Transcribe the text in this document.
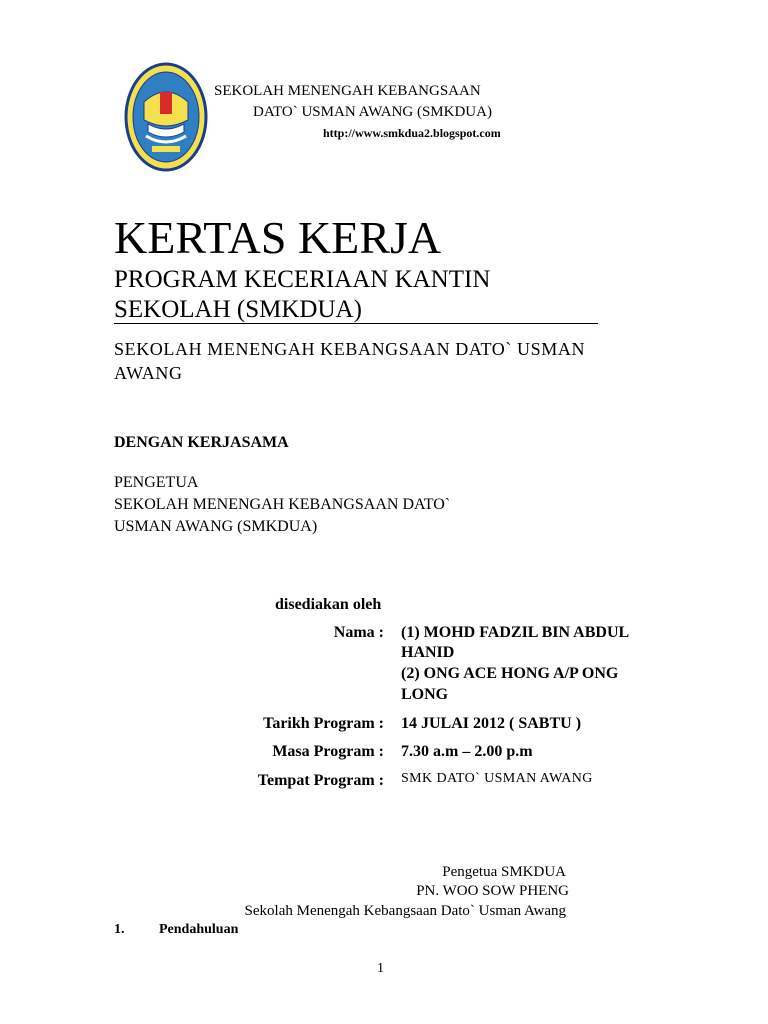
SEKOLAH MENENGAH KEBANGSAAN
DATO` USMAN AWANG (SMKDUA)
http://www.smkdua2.blogspot.com
KERTAS KERJA
PROGRAM KECERIAAN KANTIN
SEKOLAH (SMKDUA)
SEKOLAH MENENGAH KEBANGSAAN DATO` USMAN
AWANG
DENGAN KERJASAMA
PENGETUA
SEKOLAH MENENGAH KEBANGSAAN DATO`
USMAN AWANG (SMKDUA)
disediakan oleh
Nama : (1) MOHD FADZIL BIN ABDUL
HANID
(2) ONG ACE HONG A/P ONG
LONG
Tarikh Program : 14 JULAI 2012 ( SABTU )
Masa Program : 7.30 a.m – 2.00 p.m
Tempat Program : SMK DATO` USMAN AWANG
Pengetua SMKDUA
PN. WOO SOW PHENG
Sekolah Menengah Kebangsaan Dato` Usman Awang
1. Pendahuluan
1
